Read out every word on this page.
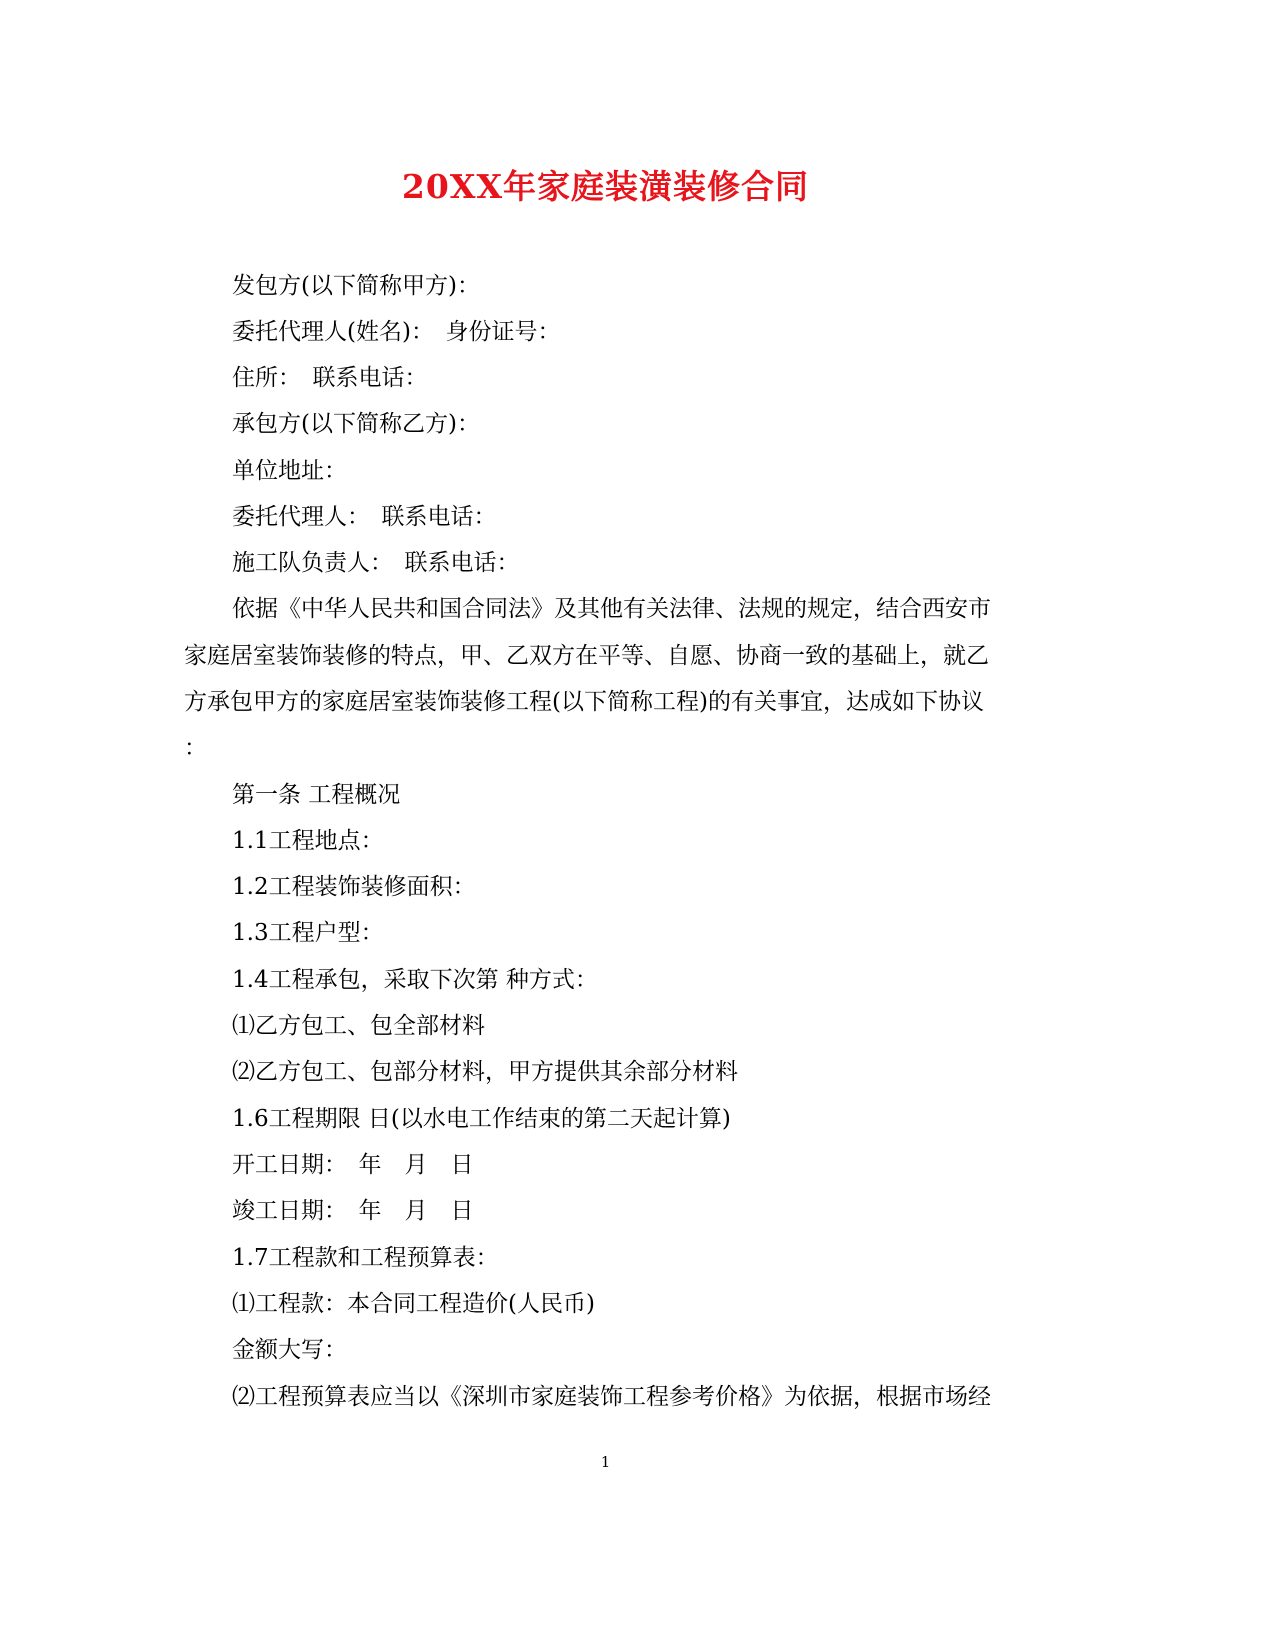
20XX年家庭装潢装修合同
发包方(以下简称甲方)：
委托代理人(姓名)：　身份证号：
住所：　联系电话：
承包方(以下简称乙方)：
单位地址：
委托代理人：　联系电话：
施工队负责人：　联系电话：
依据《中华人民共和国合同法》及其他有关法律、法规的规定，结合西安市
家庭居室装饰装修的特点，甲、乙双方在平等、自愿、协商一致的基础上，就乙
方承包甲方的家庭居室装饰装修工程(以下简称工程)的有关事宜，达成如下协议
：
第一条 工程概况
1.1工程地点：
1.2工程装饰装修面积：
1.3工程户型：
1.4工程承包，采取下次第 种方式：
⑴乙方包工、包全部材料
⑵乙方包工、包部分材料，甲方提供其余部分材料
1.6工程期限 日(以水电工作结束的第二天起计算)
开工日期：　年　月　日
竣工日期：　年　月　日
1.7工程款和工程预算表：
⑴工程款：本合同工程造价(人民币)
金额大写：
⑵工程预算表应当以《深圳市家庭装饰工程参考价格》为依据，根据市场经
1
